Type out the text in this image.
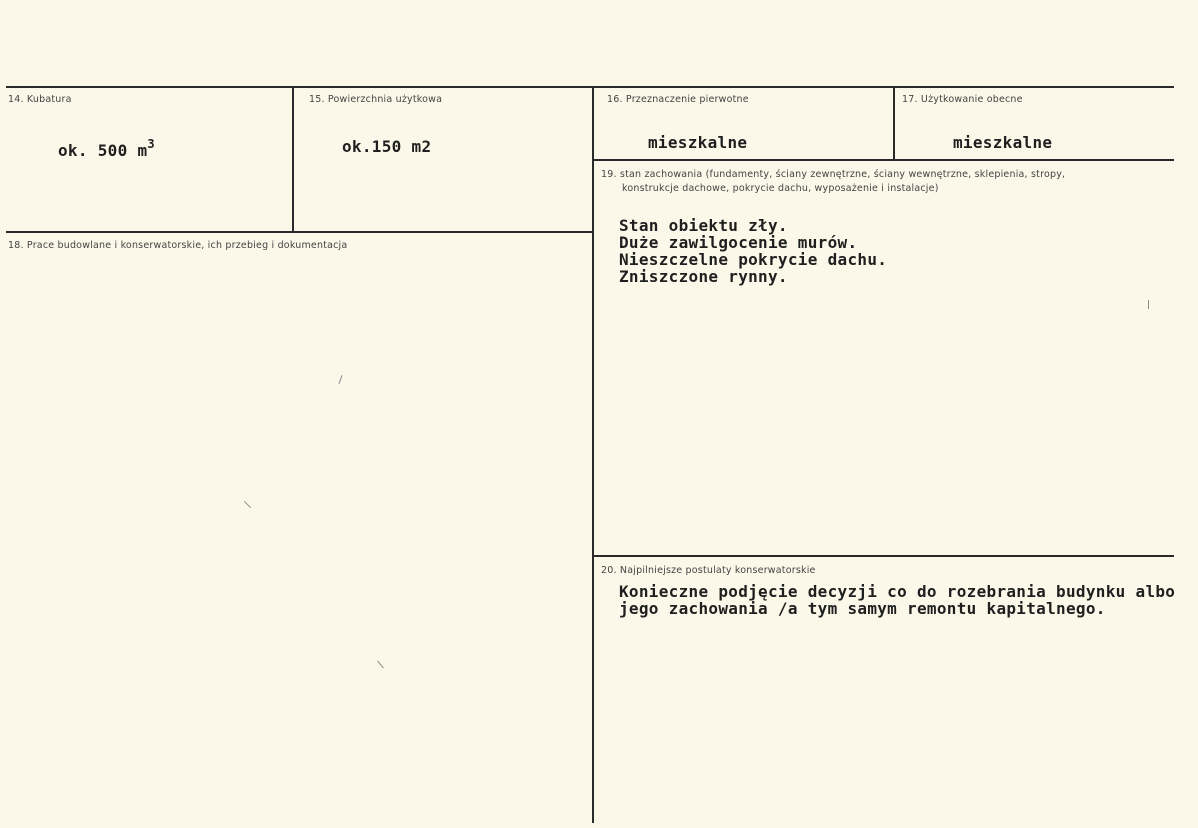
14. Kubatura
ok. 500 $m^3$
15. Powierzchnia użytkowa
ok.150 m2
16. Przeznaczenie pierwotne
mieszkalne
17. Użytkowanie obecne
mieszkalne
18. Prace budowlane i konserwatorskie, ich przebieg i dokumentacja
19. stan zachowania (fundamenty, ściany zewnętrzne, ściany wewnętrzne, sklepienia, stropy,
konstrukcje dachowe, pokrycie dachu, wyposażenie i instalacje)
Stan obiektu zły.
Duże zawilgocenie murów.
Nieszczelne pokrycie dachu.
Zniszczone rynny.
20. Najpilniejsze postulaty konserwatorskie
Konieczne podjęcie decyzji co do rozebrania budynku albo
jego zachowania /a tym samym remontu kapitalnego.
